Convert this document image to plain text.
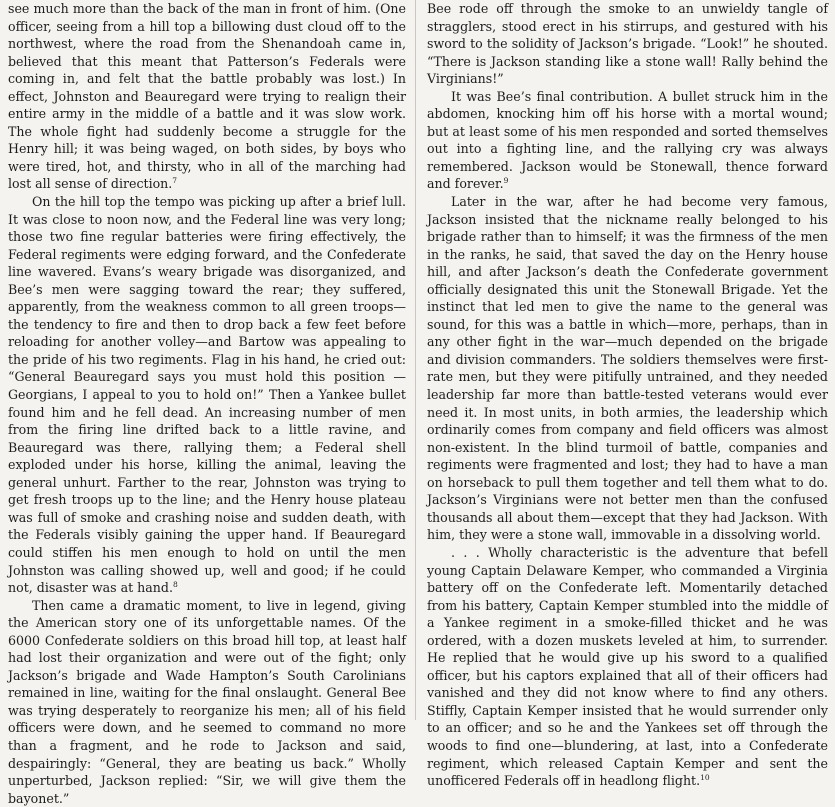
see much more than the back of the man in front of him. (One officer, seeing from a hill top a billowing dust cloud off to the northwest, where the road from the Shenandoah came in, believed that this meant that Patterson’s Federals were coming in, and felt that the battle probably was lost.) In effect, Johnston and Beauregard were trying to realign their entire army in the middle of a battle and it was slow work. The whole fight had suddenly become a struggle for the Henry hill; it was being waged, on both sides, by boys who were tired, hot, and thirsty, who in all of the marching had lost all sense of direction.$^7$

On the hill top the tempo was picking up after a brief lull. It was close to noon now, and the Federal line was very long; those two fine regular batteries were firing effectively, the Federal regiments were edging forward, and the Confederate line wavered. Evans’s weary brigade was disorganized, and Bee’s men were sagging toward the rear; they suffered, apparently, from the weakness common to all green troops—the tendency to fire and then to drop back a few feet before reloading for another volley—and Bartow was appealing to the pride of his two regiments. Flag in his hand, he cried out: “General Beauregard says you must hold this position —Georgians, I appeal to you to hold on!” Then a Yankee bullet found him and he fell dead. An increasing number of men from the firing line drifted back to a little ravine, and Beauregard was there, rallying them; a Federal shell exploded under his horse, killing the animal, leaving the general unhurt. Farther to the rear, Johnston was trying to get fresh troops up to the line; and the Henry house plateau was full of smoke and crashing noise and sudden death, with the Federals visibly gaining the upper hand. If Beauregard could stiffen his men enough to hold on until the men Johnston was calling showed up, well and good; if he could not, disaster was at hand.$^8$

Then came a dramatic moment, to live in legend, giving the American story one of its unforgettable names. Of the 6000 Confederate soldiers on this broad hill top, at least half had lost their organization and were out of the fight; only Jackson’s brigade and Wade Hampton’s South Carolinians remained in line, waiting for the final onslaught. General Bee was trying desperately to reorganize his men; all of his field officers were down, and he seemed to command no more than a fragment, and he rode to Jackson and said, despairingly: “General, they are beating us back.” Wholly unperturbed, Jackson replied: “Sir, we will give them the bayonet.”

Bee rode off through the smoke to an unwieldy tangle of stragglers, stood erect in his stirrups, and gestured with his sword to the solidity of Jackson’s brigade. “Look!” he shouted. “There is Jackson standing like a stone wall! Rally behind the Virginians!”

It was Bee’s final contribution. A bullet struck him in the abdomen, knocking him off his horse with a mortal wound; but at least some of his men responded and sorted themselves out into a fighting line, and the rallying cry was always remembered. Jackson would be Stonewall, thence forward and forever.$^9$

Later in the war, after he had become very famous, Jackson insisted that the nickname really belonged to his brigade rather than to himself; it was the firmness of the men in the ranks, he said, that saved the day on the Henry house hill, and after Jackson’s death the Confederate government officially designated this unit the Stonewall Brigade. Yet the instinct that led men to give the name to the general was sound, for this was a battle in which—more, perhaps, than in any other fight in the war—much depended on the brigade and division commanders. The soldiers themselves were first-rate men, but they were pitifully untrained, and they needed leadership far more than battle-tested veterans would ever need it. In most units, in both armies, the leadership which ordinarily comes from company and field officers was almost non-existent. In the blind turmoil of battle, companies and regiments were fragmented and lost; they had to have a man on horseback to pull them together and tell them what to do. Jackson’s Virginians were not better men than the confused thousands all about them—except that they had Jackson. With him, they were a stone wall, immovable in a dissolving world.

. . . Wholly characteristic is the adventure that befell young Captain Delaware Kemper, who commanded a Virginia battery off on the Confederate left. Momentarily detached from his battery, Captain Kemper stumbled into the middle of a Yankee regiment in a smoke-filled thicket and he was ordered, with a dozen muskets leveled at him, to surrender. He replied that he would give up his sword to a qualified officer, but his captors explained that all of their officers had vanished and they did not know where to find any others. Stiffly, Captain Kemper insisted that he would surrender only to an officer; and so he and the Yankees set off through the woods to find one—blundering, at last, into a Confederate regiment, which released Captain Kemper and sent the unofficered Federals off in headlong flight.$^{10}$
